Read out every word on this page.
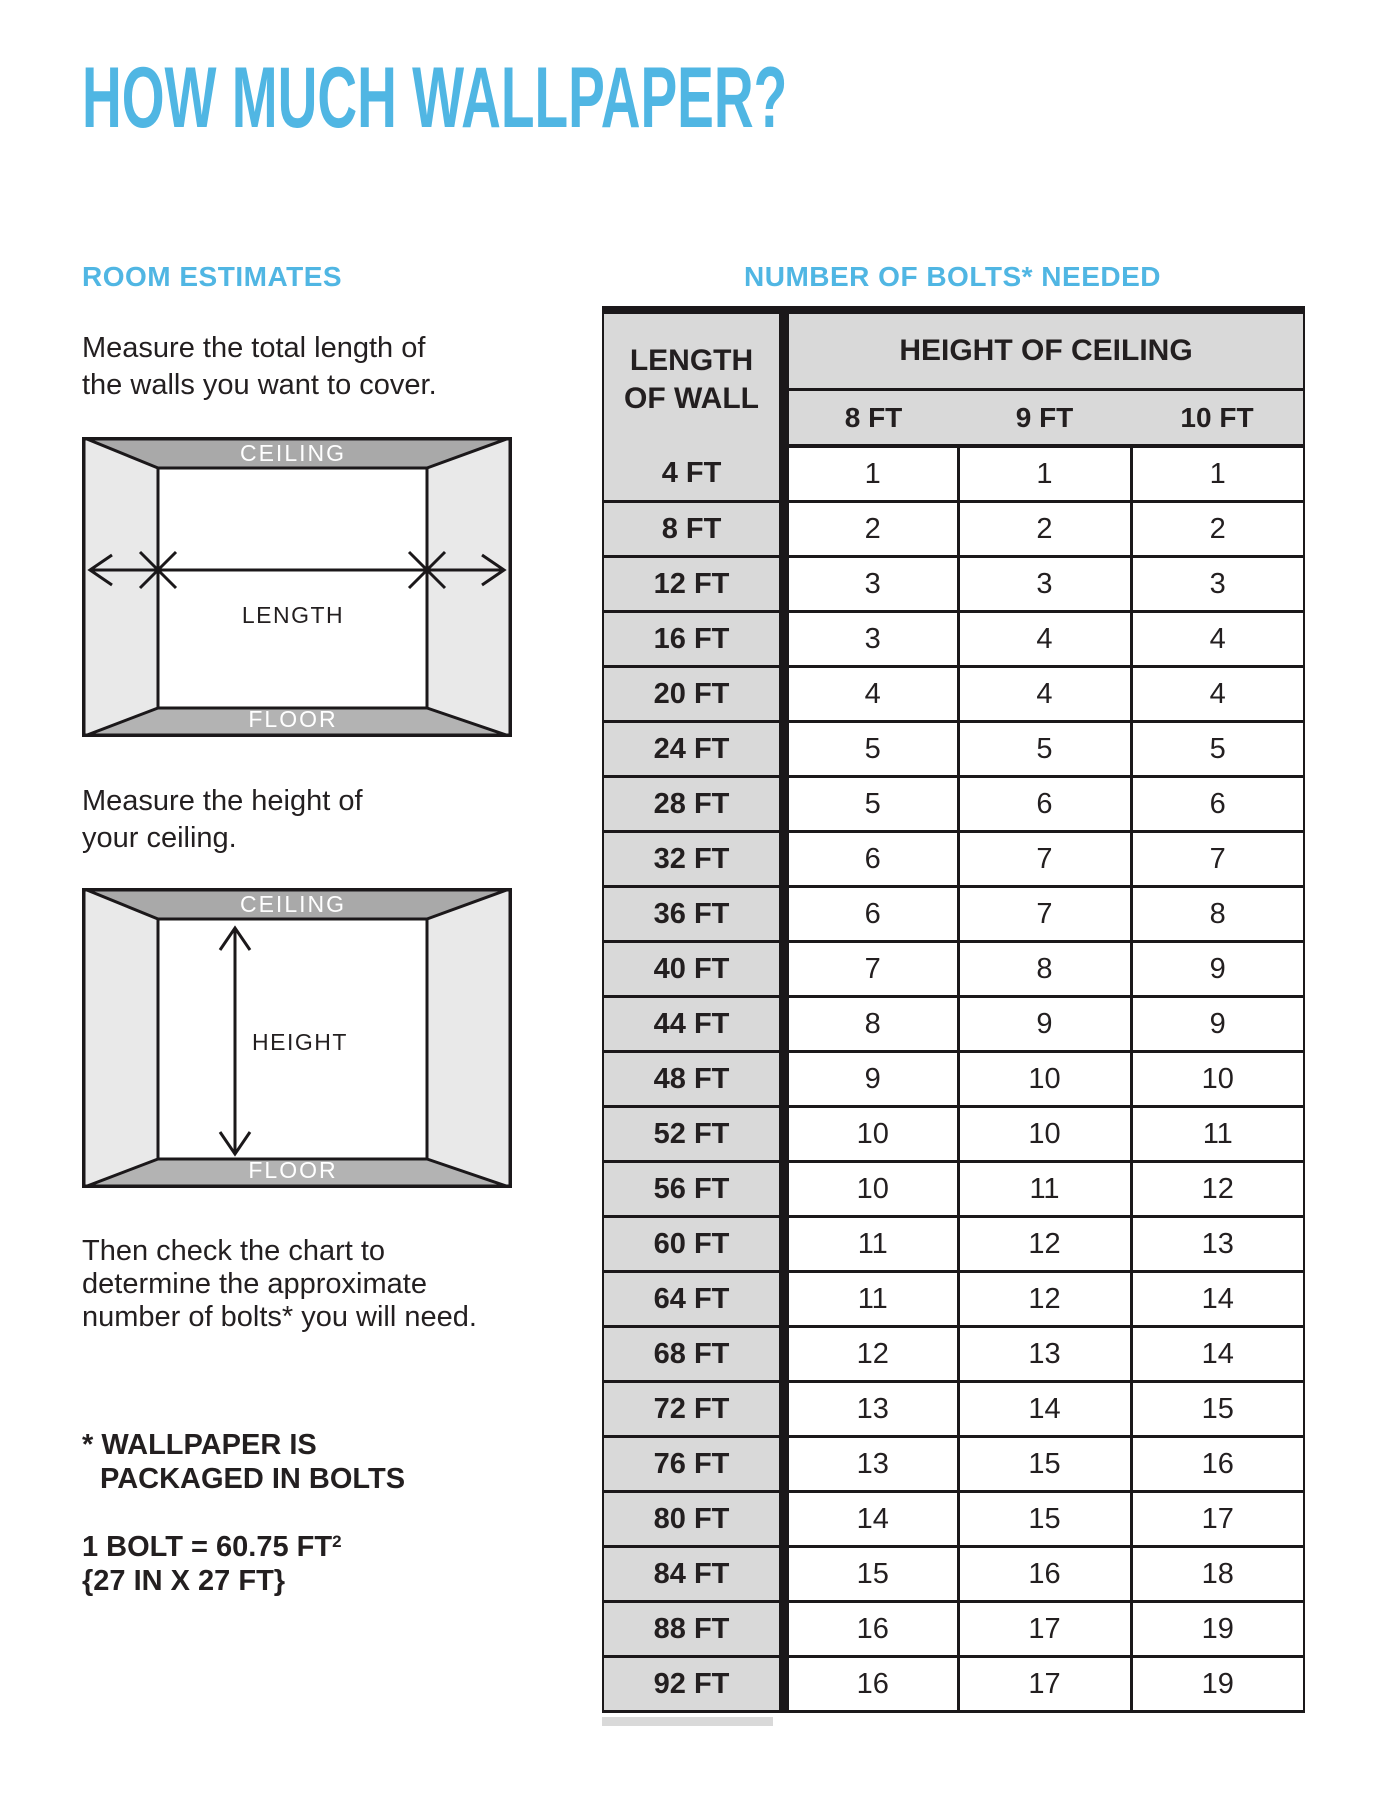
HOW MUCH WALLPAPER?
ROOM ESTIMATES
Measure the total length of
the walls you want to cover.
CEILING
FLOOR
LENGTH
Measure the height of
your ceiling.
CEILING
FLOOR
HEIGHT
Then check the chart to
determine the approximate
number of bolts* you will need.
* WALLPAPER IS
PACKAGED IN BOLTS
1 BOLT = 60.75 $FT^2$
{27 IN X 27 FT}
NUMBER OF BOLTS* NEEDED
LENGTH
OF WALL	HEIGHT OF CEILING		
	8 FT	9 FT	10 FT
4 FT	1	1	1
8 FT	2	2	2
12 FT	3	3	3
16 FT	3	4	4
20 FT	4	4	4
24 FT	5	5	5
28 FT	5	6	6
32 FT	6	7	7
36 FT	6	7	8
40 FT	7	8	9
44 FT	8	9	9
48 FT	9	10	10
52 FT	10	10	11
56 FT	10	11	12
60 FT	11	12	13
64 FT	11	12	14
68 FT	12	13	14
72 FT	13	14	15
76 FT	13	15	16
80 FT	14	15	17
84 FT	15	16	18
88 FT	16	17	19
92 FT	16	17	19
